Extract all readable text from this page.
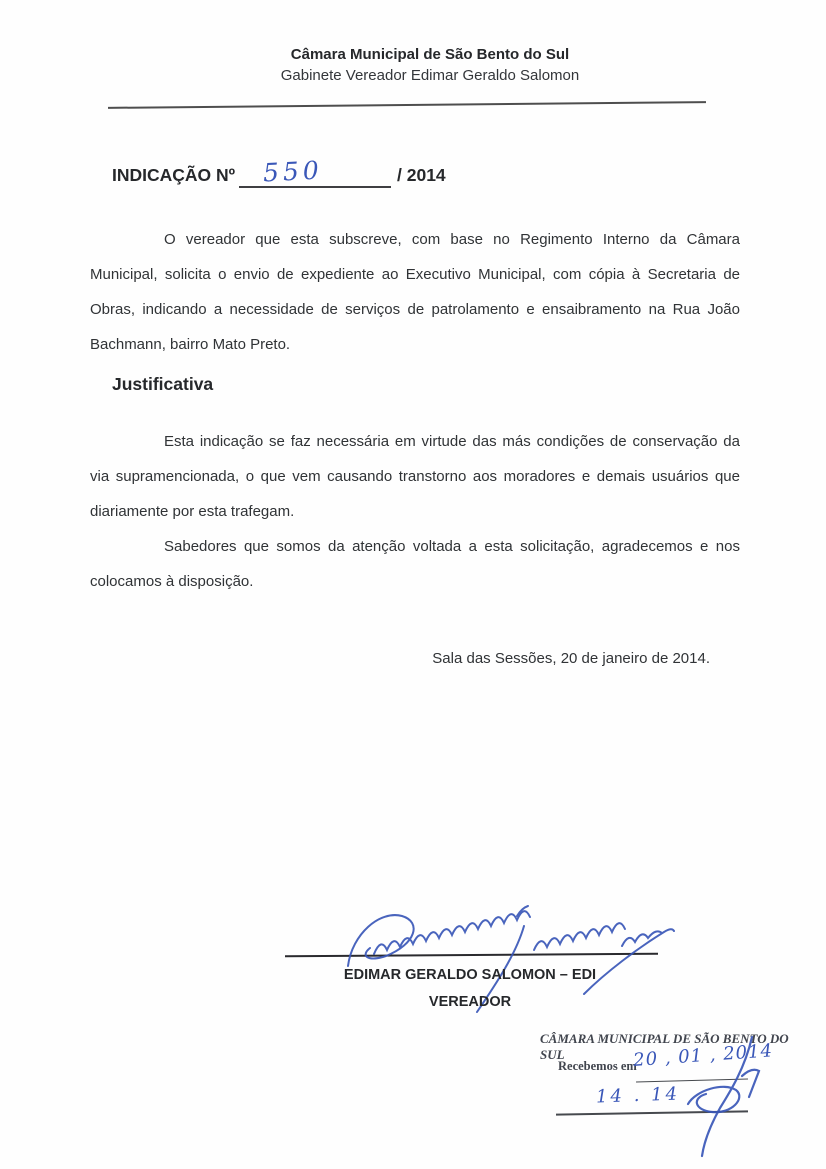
Câmara Municipal de São Bento do Sul
Gabinete Vereador Edimar Geraldo Salomon
INDICAÇÃO Nº 550	/ 2014
O vereador que esta subscreve, com base no Regimento Interno da Câmara Municipal, solicita o envio de expediente ao Executivo Municipal, com cópia à Secretaria de Obras, indicando a necessidade de serviços de patrolamento e ensaibramento na Rua João Bachmann, bairro Mato Preto.
Justificativa
Esta indicação se faz necessária em virtude das más condições de conservação da via supramencionada, o que vem causando transtorno aos moradores e demais usuários que diariamente por esta trafegam.
Sabedores que somos da atenção voltada a esta solicitação, agradecemos e nos colocamos à disposição.
Sala das Sessões, 20 de janeiro de 2014.
EDIMAR GERALDO SALOMON – EDI
VEREADOR
CÂMARA MUNICIPAL DE SÃO BENTO DO SUL
Recebemos em
20 , 01 , 2014
14 . 14
